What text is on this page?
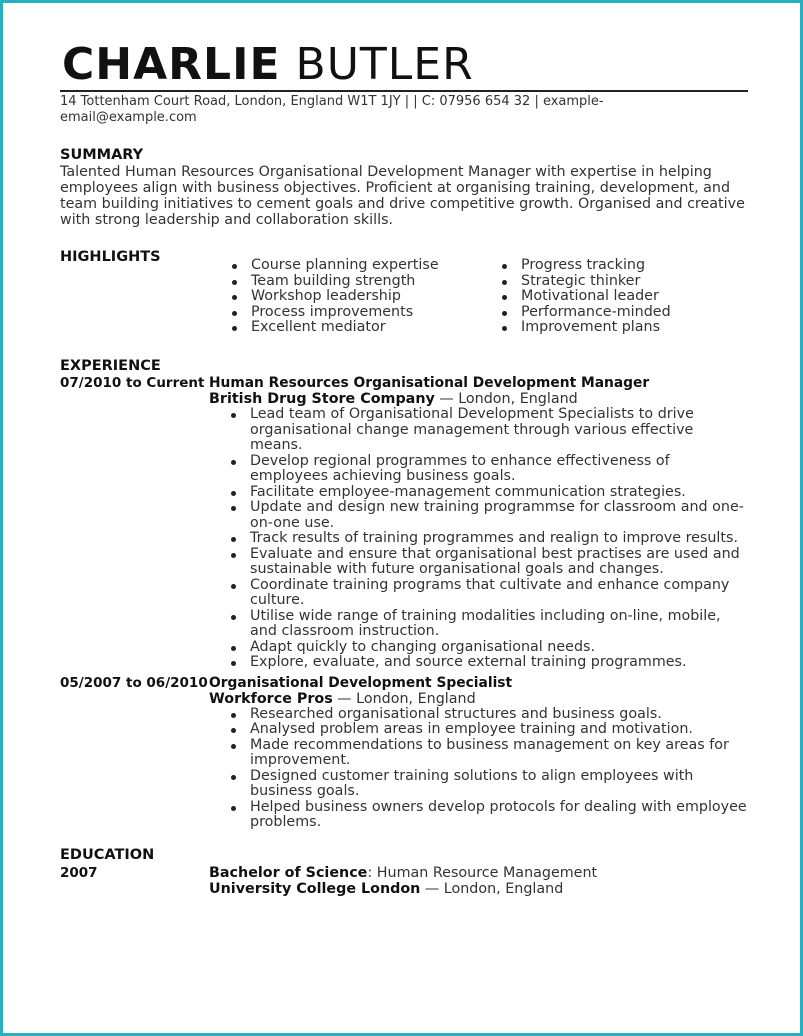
CHARLIE BUTLER
14 Tottenham Court Road, London, England W1T 1JY | | C: 07956 654 32 | example-email@example.com
SUMMARY
Talented Human Resources Organisational Development Manager with expertise in helping employees align with business objectives. Proficient at organising training, development, and team building initiatives to cement goals and drive competitive growth. Organised and creative with strong leadership and collaboration skills.
HIGHLIGHTS	Course planning expertise
Team building strength
Workshop leadership
Process improvements
Excellent mediator
Progress tracking
Strategic thinker
Motivational leader
Performance-minded
Improvement plans
EXPERIENCE
07/2010 to Current Human Resources Organisational Development Manager
British Drug Store Company — London, England
Lead team of Organisational Development Specialists to drive organisational change management through various effective means.
Develop regional programmes to enhance effectiveness of employees achieving business goals.
Facilitate employee-management communication strategies.
Update and design new training programmse for classroom and one-on-one use.
Track results of training programmes and realign to improve results.
Evaluate and ensure that organisational best practises are used and sustainable with future organisational goals and changes.
Coordinate training programs that cultivate and enhance company culture.
Utilise wide range of training modalities including on-line, mobile, and classroom instruction.
Adapt quickly to changing organisational needs.
Explore, evaluate, and source external training programmes.
05/2007 to 06/2010 Organisational Development Specialist
Workforce Pros — London, England
Researched organisational structures and business goals.
Analysed problem areas in employee training and motivation.
Made recommendations to business management on key areas for improvement.
Designed customer training solutions to align employees with business goals.
Helped business owners develop protocols for dealing with employee problems.
EDUCATION
2007	Bachelor of Science: Human Resource Management
University College London — London, England
